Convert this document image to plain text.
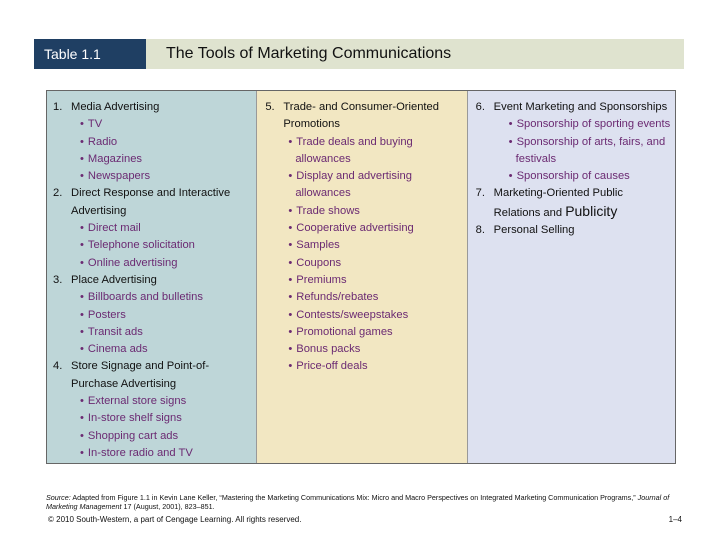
Table 1.1	The Tools of Marketing Communications
1. Media Advertising
• TV
• Radio
• Magazines
• Newspapers
2. Direct Response and Interactive Advertising
• Direct mail
• Telephone solicitation
• Online advertising
3. Place Advertising
• Billboards and bulletins
• Posters
• Transit ads
• Cinema ads
4. Store Signage and Point-of-Purchase Advertising
• External store signs
• In-store shelf signs
• Shopping cart ads
• In-store radio and TV
5. Trade- and Consumer-Oriented Promotions
• Trade deals and buying allowances
• Display and advertising allowances
• Trade shows
• Cooperative advertising
• Samples
• Coupons
• Premiums
• Refunds/rebates
• Contests/sweepstakes
• Promotional games
• Bonus packs
• Price-off deals
6. Event Marketing and Sponsorships
• Sponsorship of sporting events
• Sponsorship of arts, fairs, and festivals
• Sponsorship of causes
7. Marketing-Oriented Public Relations and Publicity
8. Personal Selling
Source: Adapted from Figure 1.1 in Kevin Lane Keller, “Mastering the Marketing Communications Mix: Micro and Macro Perspectives on Integrated Marketing Communication Programs,” Journal of Marketing Management 17 (August, 2001), 823–851.
© 2010 South-Western, a part of Cengage Learning. All rights reserved.	1–4
